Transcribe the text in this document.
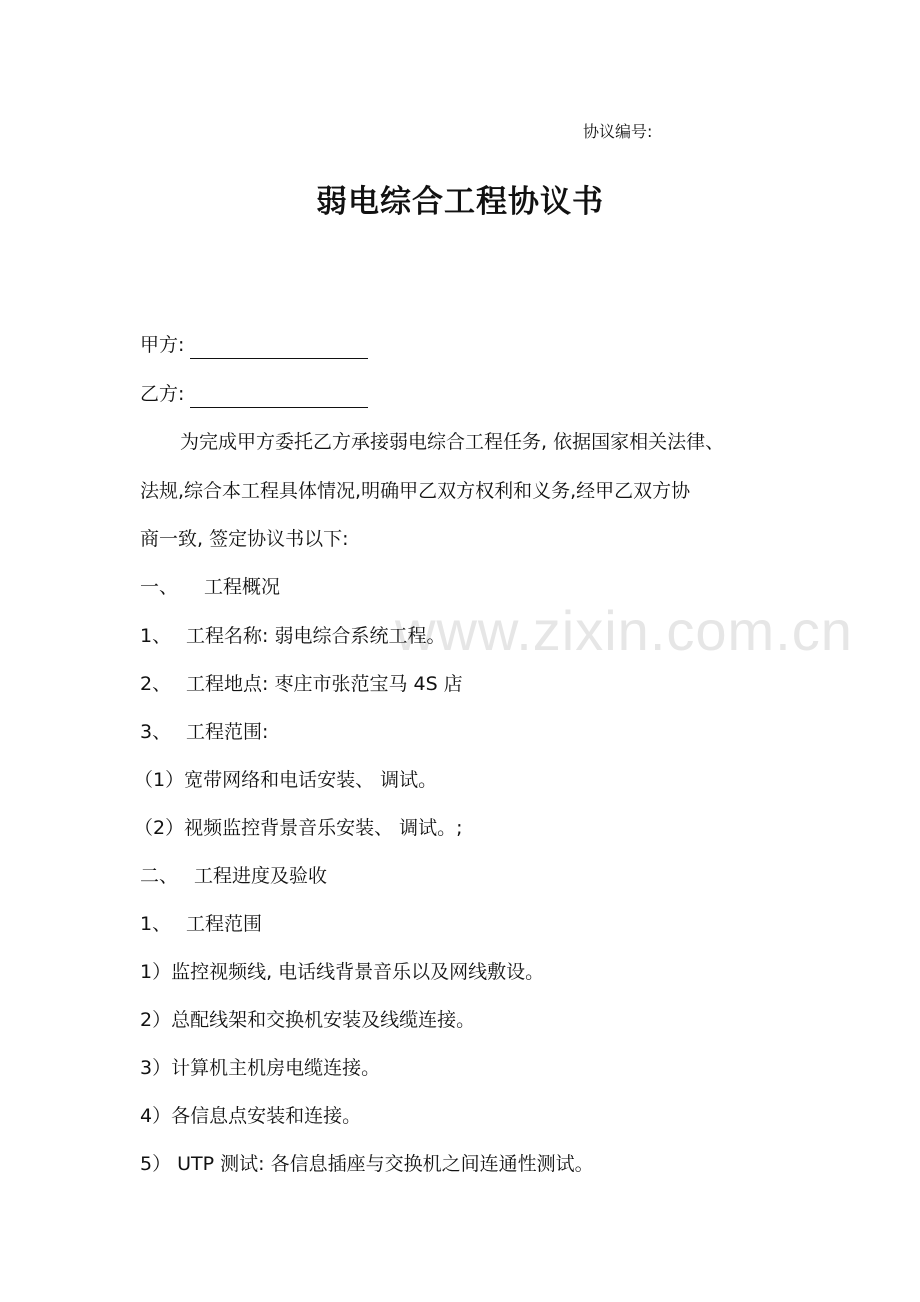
www.zixin.com.cn
协议编号:
弱电综合工程协议书
甲方:
乙方:
为完成甲方委托乙方承接弱电综合工程任务, 依据国家相关法律、
法规,综合本工程具体情况,明确甲乙双方权利和义务,经甲乙双方协
商一致, 签定协议书以下:
一、 工程概况
1、 工程名称: 弱电综合系统工程。
2、 工程地点: 枣庄市张范宝马 4S 店
3、 工程范围:
（1）宽带网络和电话安装、 调试。
（2）视频监控背景音乐安装、 调试。;
二、 工程进度及验收
1、 工程范围
1）监控视频线, 电话线背景音乐以及网线敷设。
2）总配线架和交换机安装及线缆连接。
3）计算机主机房电缆连接。
4）各信息点安装和连接。
5） UTP 测试: 各信息插座与交换机之间连通性测试。
